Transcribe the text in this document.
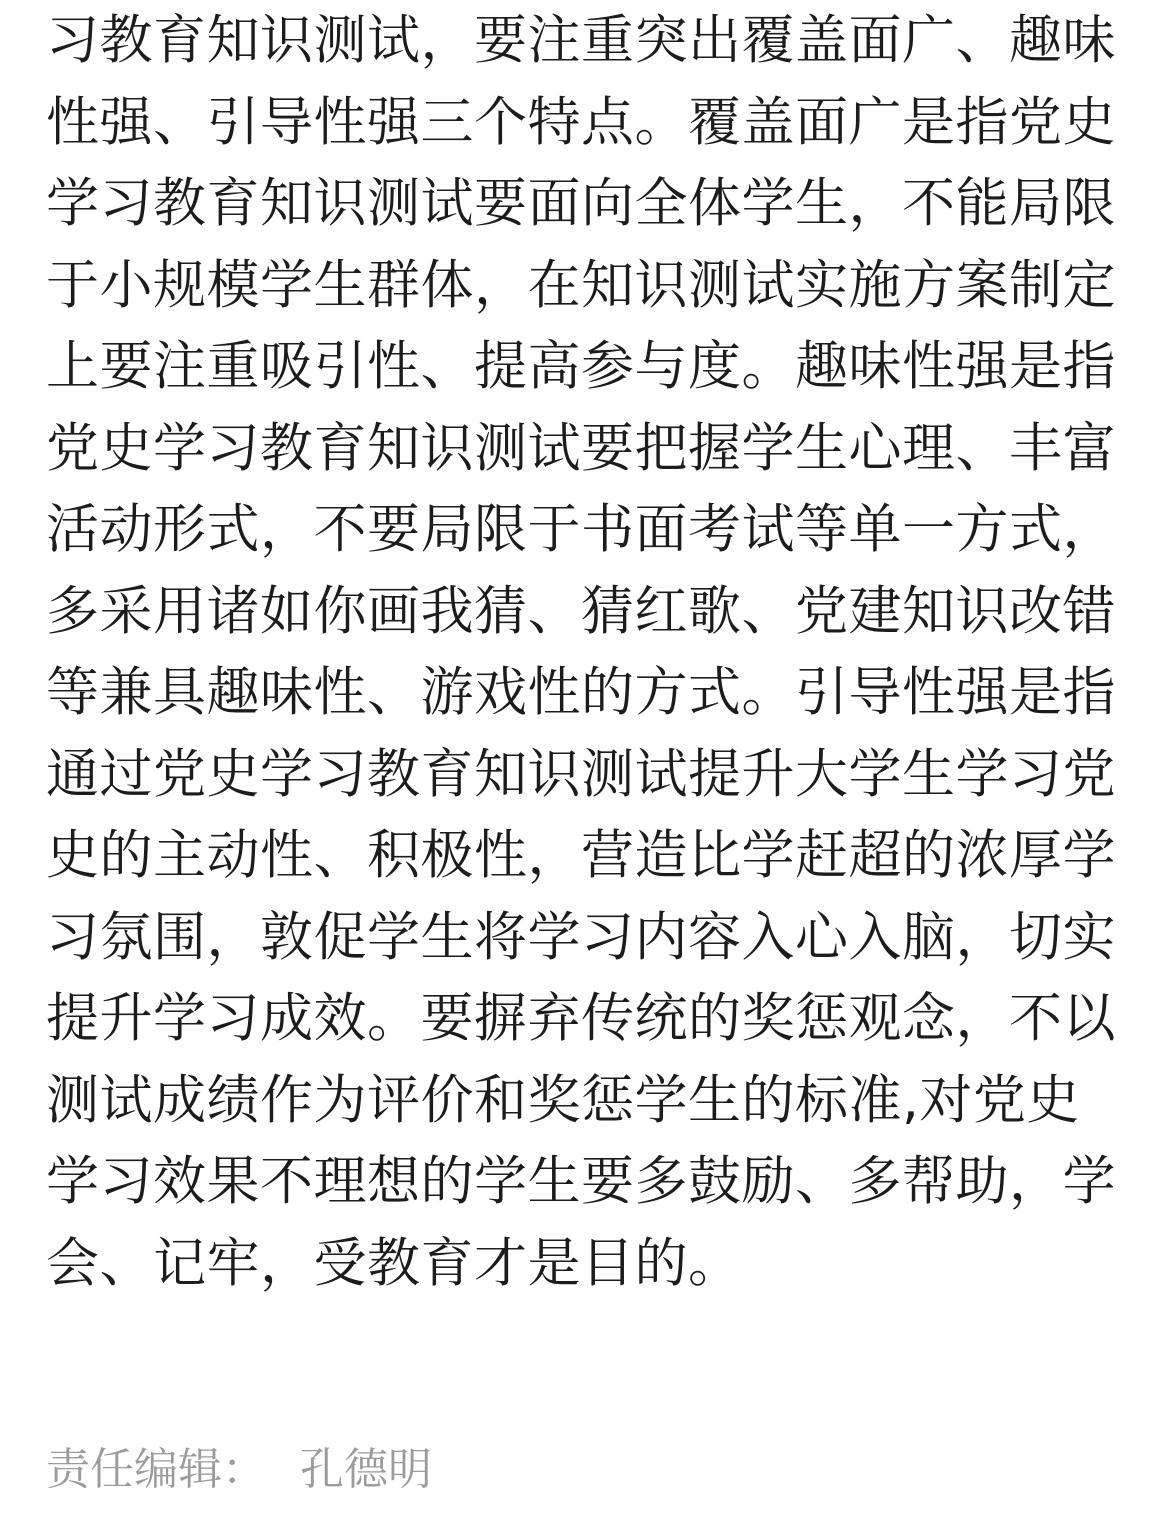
习教育知识测试，要注重突出覆盖面广、趣味
性强、引导性强三个特点。覆盖面广是指党史
学习教育知识测试要面向全体学生，不能局限
于小规模学生群体，在知识测试实施方案制定
上要注重吸引性、提高参与度。趣味性强是指
党史学习教育知识测试要把握学生心理、丰富
活动形式，不要局限于书面考试等单一方式，
多采用诸如你画我猜、猜红歌、党建知识改错
等兼具趣味性、游戏性的方式。引导性强是指
通过党史学习教育知识测试提升大学生学习党
史的主动性、积极性，营造比学赶超的浓厚学
习氛围，敦促学生将学习内容入心入脑，切实
提升学习成效。要摒弃传统的奖惩观念，不以
测试成绩作为评价和奖惩学生的标准,对党史
学习效果不理想的学生要多鼓励、多帮助，学
会、记牢，受教育才是目的。
责任编辑： 孔德明
